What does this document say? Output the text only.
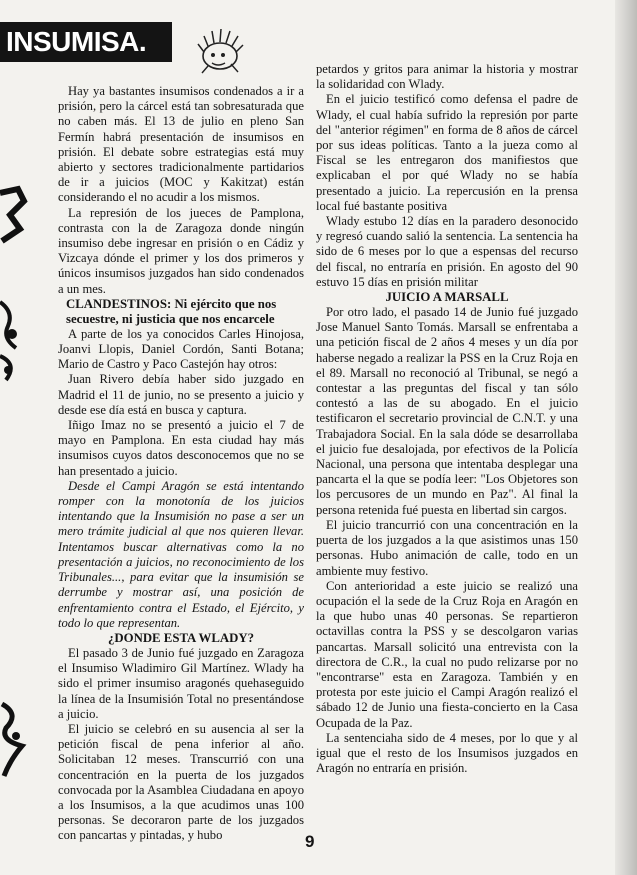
INSUMISA.

Hay ya bastantes insumisos condenados a ir a prisión, pero la cárcel está tan sobresaturada que no caben más. El 13 de julio en pleno San Fermín habrá presentación de insumisos en prisión. El debate sobre estrategias está muy abierto y sectores tradicionalmente partidarios de ir a juicios (MOC y Kakitzat) están considerando el no acudir a los mismos.

La represión de los jueces de Pamplona, contrasta con la de Zaragoza donde ningún insumiso debe ingresar en prisión o en Cádiz y Vizcaya dónde el primer y los dos primeros y únicos insumisos juzgados han sido condenados a un mes.

CLANDESTINOS: Ni ejército que nos secuestre, ni justicia que nos encarcele

A parte de los ya conocidos Carles Hinojosa, Joanvi Llopis, Daniel Cordón, Santi Botana; Mario de Castro y Paco Castejón hay otros:

Juan Rivero debía haber sido juzgado en Madrid el 11 de junio, no se presento a juicio y desde ese día está en busca y captura.

Iñigo Imaz no se presentó a juicio el 7 de mayo en Pamplona. En esta ciudad hay más insumisos cuyos datos desconocemos que no se han presentado a juicio.

Desde el Campi Aragón se está intentando romper con la monotonía de los juicios intentando que la Insumisión no pase a ser un mero trámite judicial al que nos quieren llevar. Intentamos buscar alternativas como la no presentación a juicios, no reconocimiento de los Tribunales..., para evitar que la insumisión se derrumbe y mostrar así, una posición de enfrentamiento contra el Estado, el Ejército, y todo lo que representan.

¿DONDE ESTA WLADY?

El pasado 3 de Junio fué juzgado en Zaragoza el Insumiso Wladimiro Gil Martínez. Wlady ha sido el primer insumiso aragonés quehaseguido la línea de la Insumisión Total no presentándose a juicio.

El juicio se celebró en su ausencia al ser la petición fiscal de pena inferior al año. Solicitaban 12 meses. Transcurrió con una concentración en la puerta de los juzgados convocada por la Asamblea Ciudadana en apoyo a los Insumisos, a la que acudimos unas 100 personas. Se decoraron parte de los juzgados con pancartas y pintadas, y hubo

petardos y gritos para animar la historia y mostrar la solidaridad con Wlady.

En el juicio testificó como defensa el padre de Wlady, el cual había sufrido la represión por parte del "anterior régimen" en forma de 8 años de cárcel por sus ideas políticas. Tanto a la jueza como al Fiscal se les entregaron dos manifiestos que explicaban el por qué Wlady no se había presentado a juicio. La repercusión en la prensa local fué bastante positiva

Wlady estubo 12 días en la paradero desonocido y regresó cuando salió la sentencia. La sentencia ha sido de 6 meses por lo que a espensas del recurso del fiscal, no entraría en prisión. En agosto del 90 estuvo 15 días en prisión militar

JUICIO A MARSALL

Por otro lado, el pasado 14 de Junio fué juzgado Jose Manuel Santo Tomás. Marsall se enfrentaba a una petición fiscal de 2 años 4 meses y un día por haberse negado a realizar la PSS en la Cruz Roja en el 89. Marsall no reconoció al Tribunal, se negó a contestar a las preguntas del fiscal y tan sólo contestó a las de su abogado. En el juicio testificaron el secretario provincial de C.N.T. y una Trabajadora Social. En la sala dóde se desarrollaba el juicio fue desalojada, por efectivos de la Policía Nacional, una persona que intentaba desplegar una pancarta el la que se podía leer: "Los Objetores son los percusores de un mundo en Paz". Al final la persona retenida fué puesta en libertad sin cargos.

El juicio trancurrió con una concentración en la puerta de los juzgados a la que asistimos unas 150 personas. Hubo animación de calle, todo en un ambiente muy festivo.

Con anterioridad a este juicio se realizó una ocupación el la sede de la Cruz Roja en Aragón en la que hubo unas 40 personas. Se repartieron octavillas contra la PSS y se descolgaron varias pancartas. Marsall solicitó una entrevista con la directora de C.R., la cual no pudo relizarse por no "encontrarse" esta en Zaragoza. También y en protesta por este juicio el Campi Aragón realizó el sábado 12 de Junio una fiesta-concierto en la Casa Ocupada de la Paz.

La sentenciaha sido de 4 meses, por lo que y al igual que el resto de los Insumisos juzgados en Aragón no entraría en prisión.

9
